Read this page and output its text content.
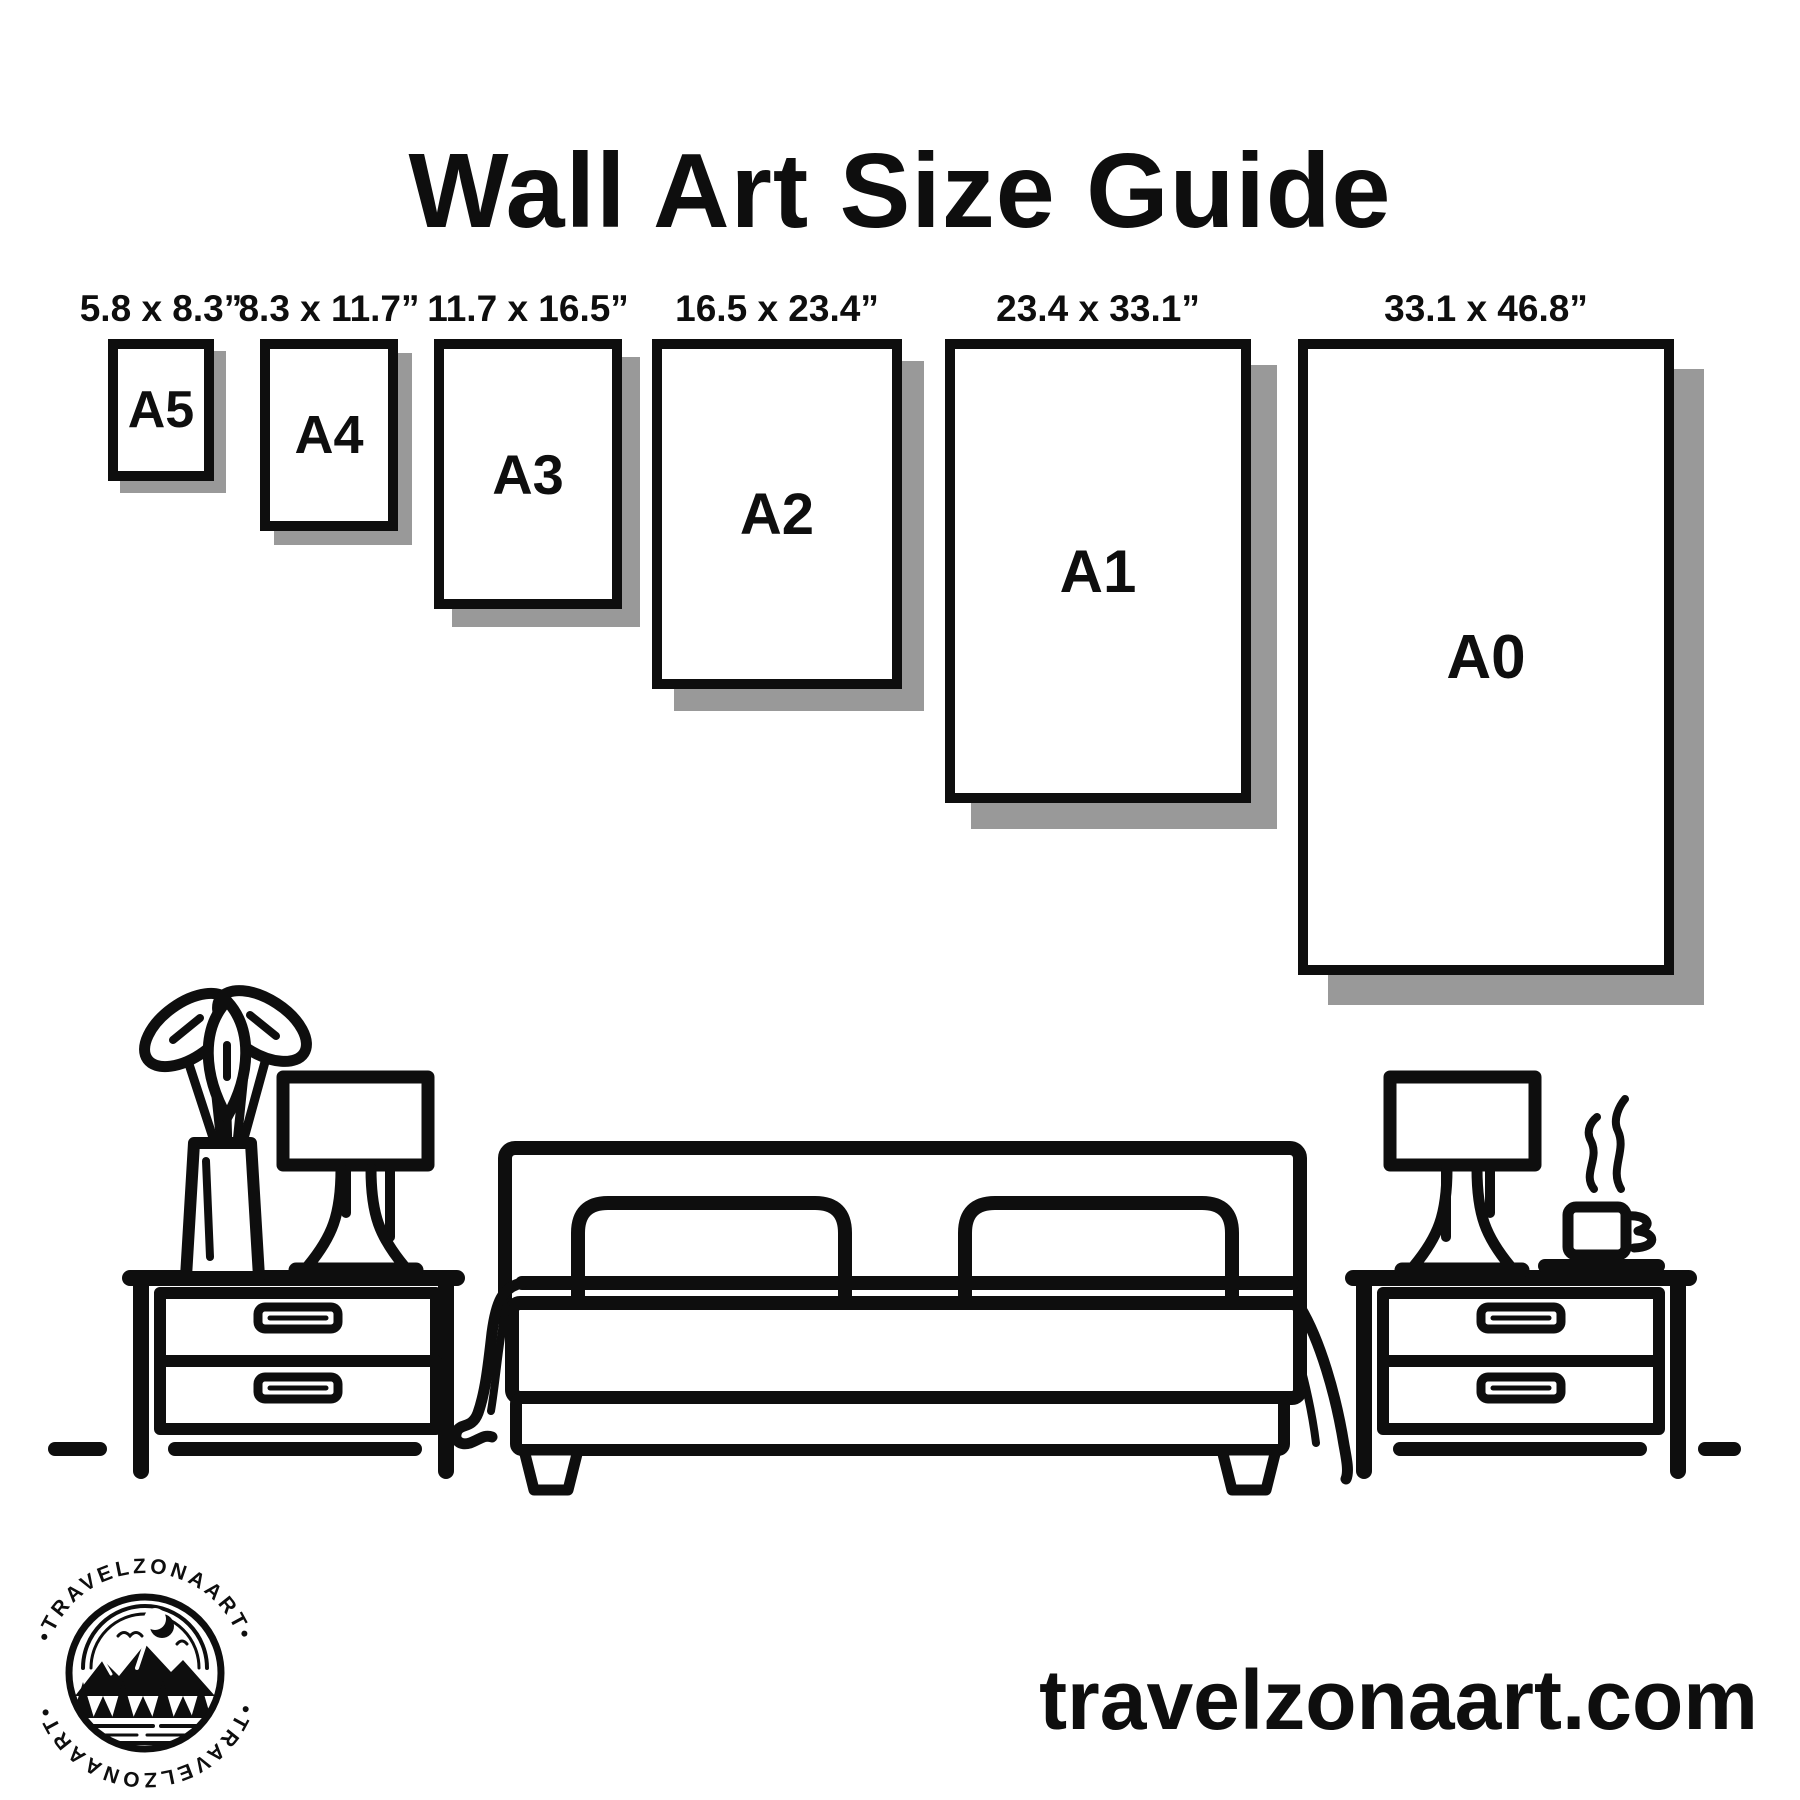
Wall Art Size Guide
5.8 x 8.3”
8.3 x 11.7” 11.7 x 16.5”	16.5 x 23.4”	23.4 x 33.1”	33.1 x 46.8”
A5 A4
A3
A2
A1
A0
•TRAVELZONAART•
•TRAVELZONAART•	travelzonaart.com
